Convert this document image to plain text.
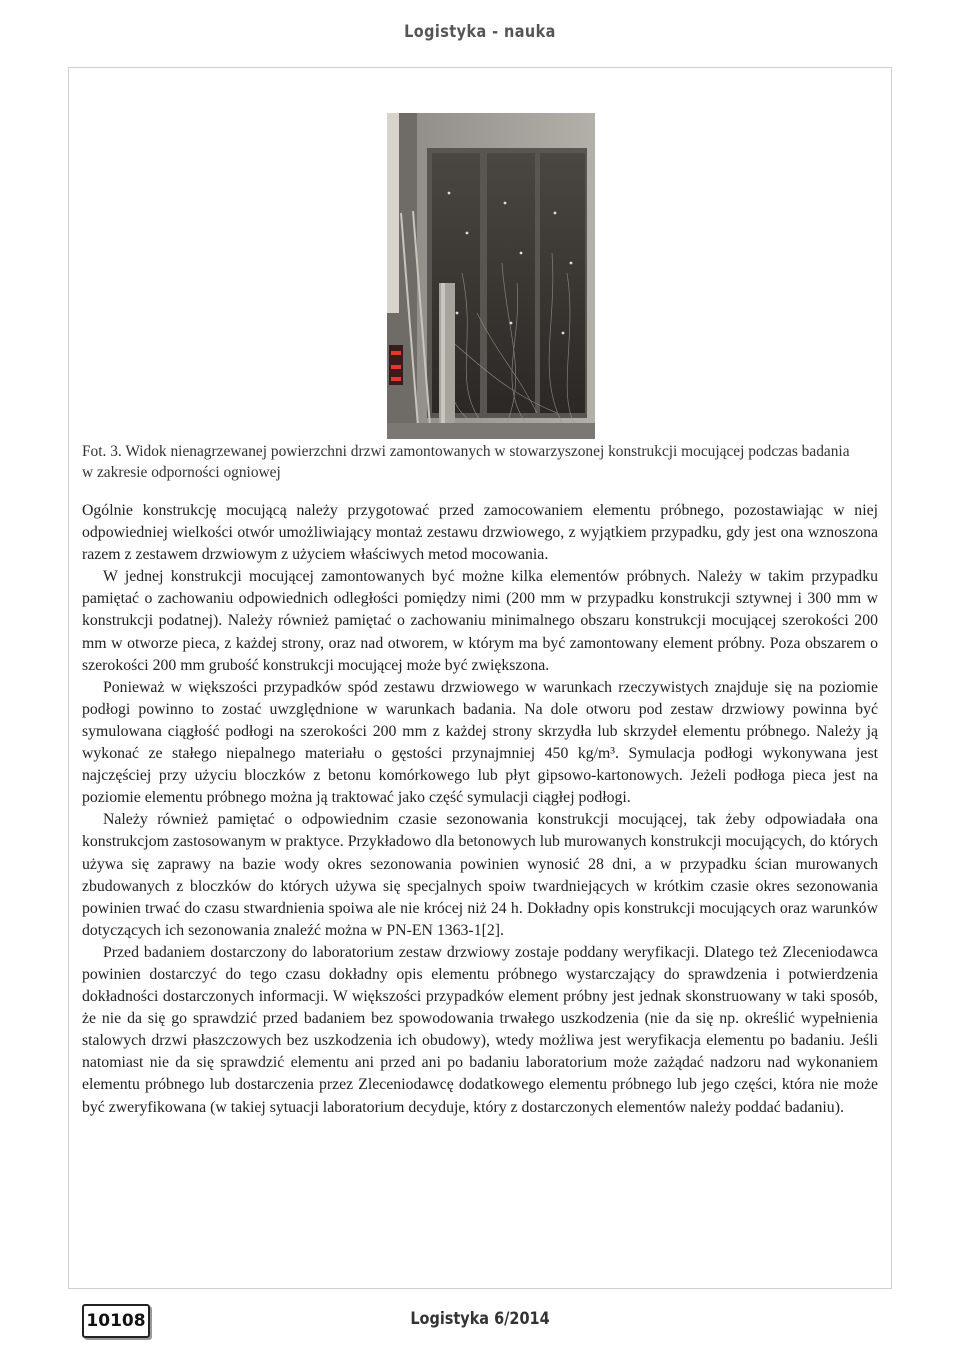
Logistyka - nauka
Fot. 3. Widok nienagrzewanej powierzchni drzwi zamontowanych w stowarzyszonej konstrukcji mocującej podczas badania w zakresie odporności ogniowej

Ogólnie konstrukcję mocującą należy przygotować przed zamocowaniem elementu próbnego, pozostawiając w niej odpowiedniej wielkości otwór umożliwiający montaż zestawu drzwiowego, z wyjątkiem przypadku, gdy jest ona wznoszona razem z zestawem drzwiowym z użyciem właściwych metod mocowania.

W jednej konstrukcji mocującej zamontowanych być możne kilka elementów próbnych. Należy w takim przypadku pamiętać o zachowaniu odpowiednich odległości pomiędzy nimi (200 mm w przypadku konstrukcji sztywnej i 300 mm w konstrukcji podatnej). Należy również pamiętać o zachowaniu minimalnego obszaru konstrukcji mocującej szerokości 200 mm w otworze pieca, z każdej strony, oraz nad otworem, w którym ma być zamontowany element próbny. Poza obszarem o szerokości 200 mm grubość konstrukcji mocującej może być zwiększona.

Ponieważ w większości przypadków spód zestawu drzwiowego w warunkach rzeczywistych znajduje się na poziomie podłogi powinno to zostać uwzględnione w warunkach badania. Na dole otworu pod zestaw drzwiowy powinna być symulowana ciągłość podłogi na szerokości 200 mm z każdej strony skrzydła lub skrzydeł elementu próbnego. Należy ją wykonać ze stałego niepalnego materiału o gęstości przynajmniej 450 kg/m³. Symulacja podłogi wykonywana jest najczęściej przy użyciu bloczków z betonu komórkowego lub płyt gipsowo-kartonowych. Jeżeli podłoga pieca jest na poziomie elementu próbnego można ją traktować jako część symulacji ciągłej podłogi.

Należy również pamiętać o odpowiednim czasie sezonowania konstrukcji mocującej, tak żeby odpowiadała ona konstrukcjom zastosowanym w praktyce. Przykładowo dla betonowych lub murowanych konstrukcji mocujących, do których używa się zaprawy na bazie wody okres sezonowania powinien wynosić 28 dni, a w przypadku ścian murowanych zbudowanych z bloczków do których używa się specjalnych spoiw twardniejących w krótkim czasie okres sezonowania powinien trwać do czasu stwardnienia spoiwa ale nie krócej niż 24 h. Dokładny opis konstrukcji mocujących oraz warunków dotyczących ich sezonowania znaleźć można w PN-EN 1363-1[2].

Przed badaniem dostarczony do laboratorium zestaw drzwiowy zostaje poddany weryfikacji. Dlatego też Zleceniodawca powinien dostarczyć do tego czasu dokładny opis elementu próbnego wystarczający do sprawdzenia i potwierdzenia dokładności dostarczonych informacji. W większości przypadków element próbny jest jednak skonstruowany w taki sposób, że nie da się go sprawdzić przed badaniem bez spowodowania trwałego uszkodzenia (nie da się np. określić wypełnienia stalowych drzwi płaszczowych bez uszkodzenia ich obudowy), wtedy możliwa jest weryfikacja elementu po badaniu. Jeśli natomiast nie da się sprawdzić elementu ani przed ani po badaniu laboratorium może zażądać nadzoru nad wykonaniem elementu próbnego lub dostarczenia przez Zleceniodawcę dodatkowego elementu próbnego lub jego części, która nie może być zweryfikowana (w takiej sytuacji laboratorium decyduje, który z dostarczonych elementów należy poddać badaniu).

10108	Logistyka 6/2014
